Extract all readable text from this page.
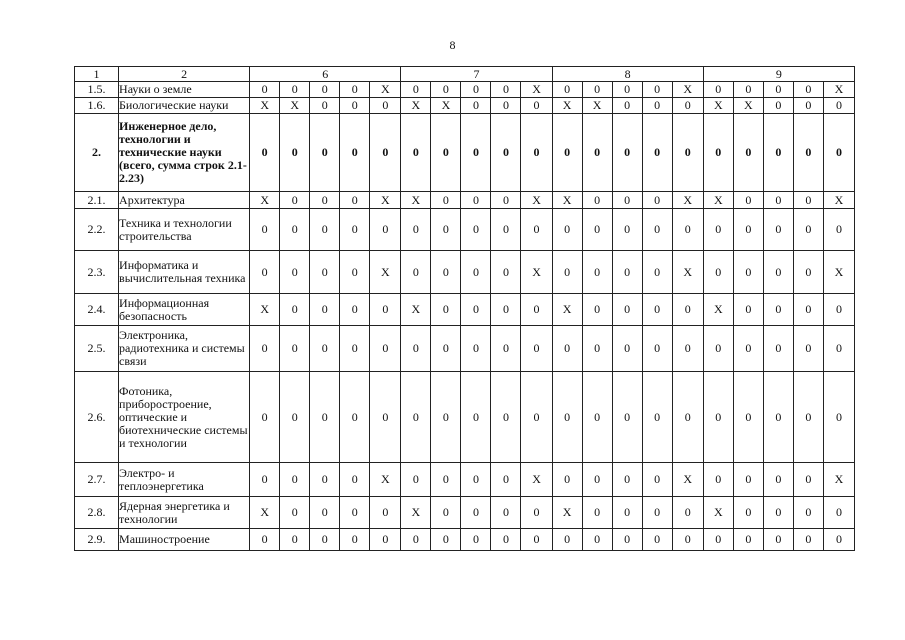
8
1	2	6					7					8					9				
1.5.	Науки о земле	0	0	0	0	X	0	0	0	0	X	0	0	0	0	X	0	0	0	0	X
1.6.	Биологические науки	X	X	0	0	0	X	X	0	0	0	X	X	0	0	0	X	X	0	0	0
2.	Инженерное дело, технологии и технические науки (всего, сумма строк 2.1- 2.23)	0	0	0	0	0	0	0	0	0	0	0	0	0	0	0	0	0	0	0	0
2.1.	Архитектура	X	0	0	0	X	X	0	0	0	X	X	0	0	0	X	X	0	0	0	X
2.2.	Техника и технологии строительства	0	0	0	0	0	0	0	0	0	0	0	0	0	0	0	0	0	0	0	0
2.3.	Информатика и вычислительная техника	0	0	0	0	X	0	0	0	0	X	0	0	0	0	X	0	0	0	0	X
2.4.	Информационная безопасность	X	0	0	0	0	X	0	0	0	0	X	0	0	0	0	X	0	0	0	0
2.5.	Электроника, радиотехника и системы связи	0	0	0	0	0	0	0	0	0	0	0	0	0	0	0	0	0	0	0	0
2.6.	Фотоника, приборостроение, оптические и биотехнические системы и технологии	0	0	0	0	0	0	0	0	0	0	0	0	0	0	0	0	0	0	0	0
2.7.	Электро- и теплоэнергетика	0	0	0	0	X	0	0	0	0	X	0	0	0	0	X	0	0	0	0	X
2.8.	Ядерная энергетика и технологии	X	0	0	0	0	X	0	0	0	0	X	0	0	0	0	X	0	0	0	0
2.9.	Машиностроение	0	0	0	0	0	0	0	0	0	0	0	0	0	0	0	0	0	0	0	0
